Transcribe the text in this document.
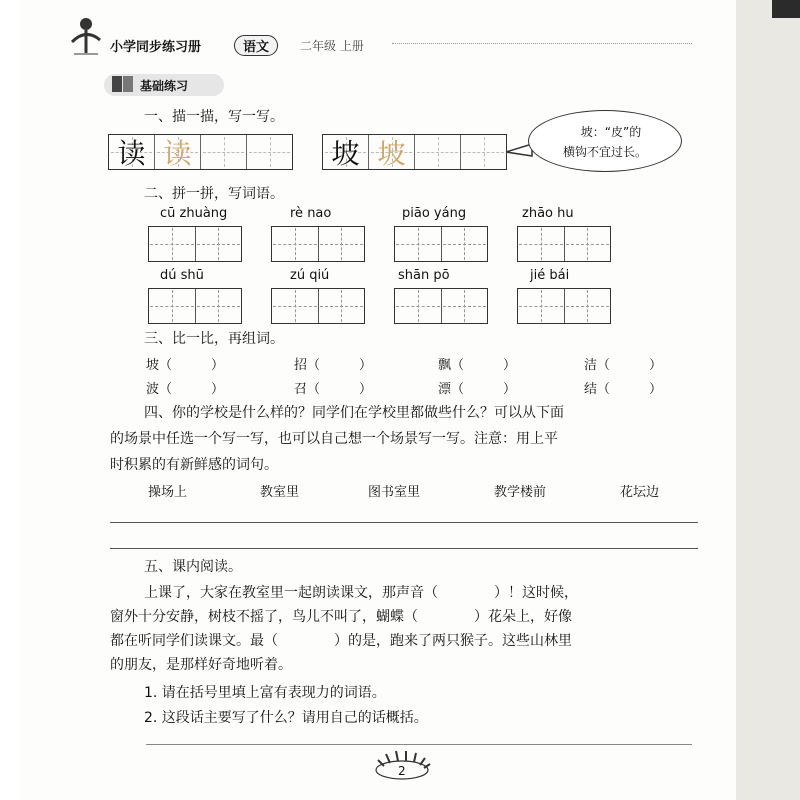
小学同步练习册	语文	二年级 上册
基础练习
一、描一描，写一写。
读 读	坡 坡
坡：“皮”的
横钩不宜过长。
二、拼一拼，写词语。
cū zhuàng	rè nao	piāo yáng	zhāo hu
dú shū	zú qiú	shān pō	jié bái
三、比一比，再组词。
坡（　　　）	招（　　　）	飘（　　　）	洁（　　　）
波（　　　）	召（　　　）	漂（　　　）	结（　　　）
四、你的学校是什么样的？同学们在学校里都做些什么？可以从下面
的场景中任选一个写一写，也可以自己想一个场景写一写。注意：用上平
时积累的有新鲜感的词句。
操场上	教室里	图书室里	教学楼前	花坛边
五、课内阅读。
上课了，大家在教室里一起朗读课文，那声音（　　　　）！这时候，
窗外十分安静，树枝不摇了，鸟儿不叫了，蝴蝶（　　　　）花朵上，好像
都在听同学们读课文。最（　　　　）的是，跑来了两只猴子。这些山林里
的朋友，是那样好奇地听着。
1. 请在括号里填上富有表现力的词语。
2. 这段话主要写了什么？请用自己的话概括。
2
